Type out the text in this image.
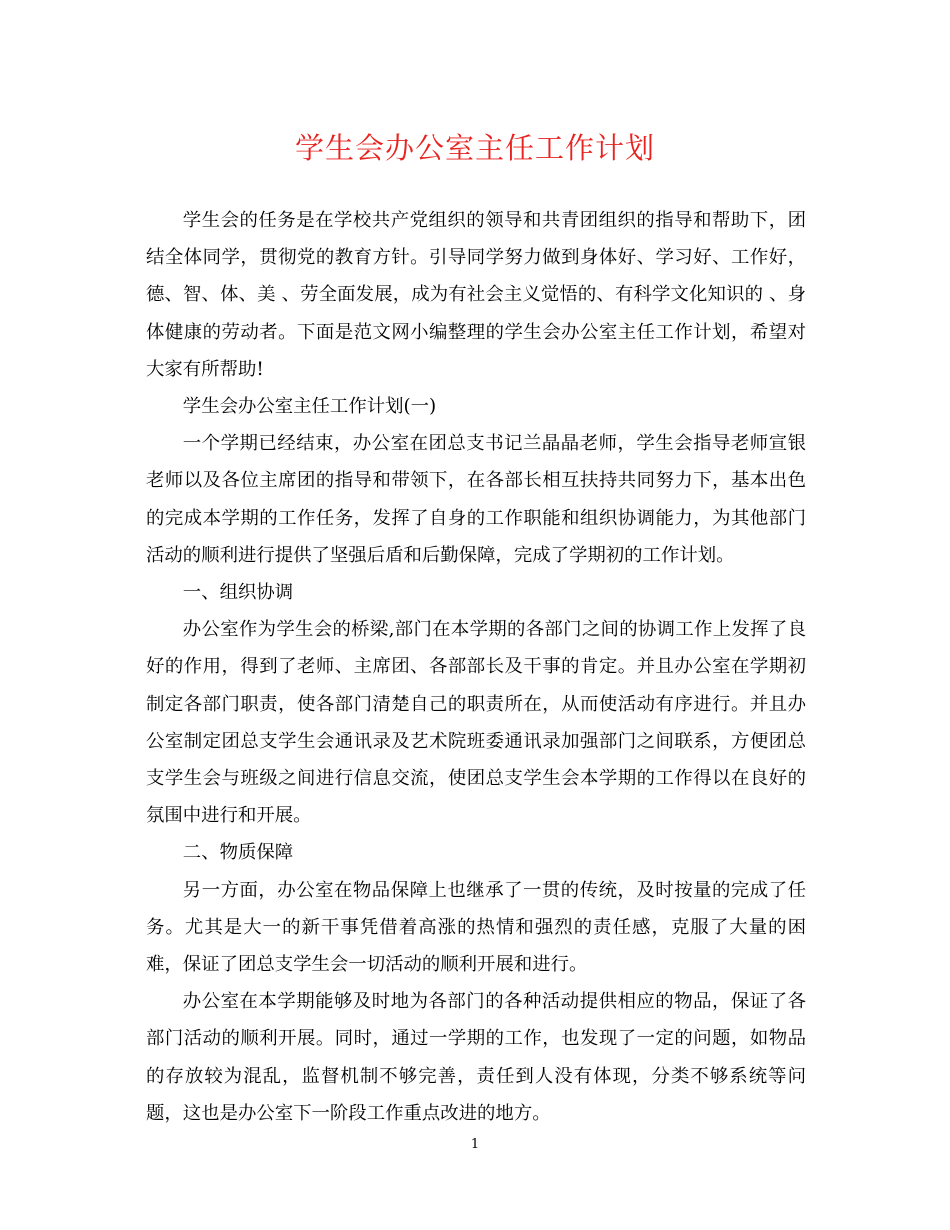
学生会办公室主任工作计划

学生会的任务是在学校共产党组织的领导和共青团组织的指导和帮助下，团结全体同学，贯彻党的教育方针。引导同学努力做到身体好、学习好、工作好，德、智、体、美 、劳全面发展，成为有社会主义觉悟的、有科学文化知识的 、身体健康的劳动者。下面是范文网小编整理的学生会办公室主任工作计划，希望对大家有所帮助!

学生会办公室主任工作计划(一)

一个学期已经结束，办公室在团总支书记兰晶晶老师，学生会指导老师宣银老师以及各位主席团的指导和带领下，在各部长相互扶持共同努力下，基本出色的完成本学期的工作任务，发挥了自身的工作职能和组织协调能力，为其他部门活动的顺利进行提供了坚强后盾和后勤保障，完成了学期初的工作计划。

一、组织协调

办公室作为学生会的桥梁,部门在本学期的各部门之间的协调工作上发挥了良好的作用，得到了老师、主席团、各部部长及干事的肯定。并且办公室在学期初制定各部门职责，使各部门清楚自己的职责所在，从而使活动有序进行。并且办公室制定团总支学生会通讯录及艺术院班委通讯录加强部门之间联系，方便团总支学生会与班级之间进行信息交流，使团总支学生会本学期的工作得以在良好的氛围中进行和开展。

二、物质保障

另一方面，办公室在物品保障上也继承了一贯的传统，及时按量的完成了任务。尤其是大一的新干事凭借着高涨的热情和强烈的责任感，克服了大量的困难，保证了团总支学生会一切活动的顺利开展和进行。

办公室在本学期能够及时地为各部门的各种活动提供相应的物品，保证了各部门活动的顺利开展。同时，通过一学期的工作，也发现了一定的问题，如物品的存放较为混乱，监督机制不够完善，责任到人没有体现，分类不够系统等问题，这也是办公室下一阶段工作重点改进的地方。

1
